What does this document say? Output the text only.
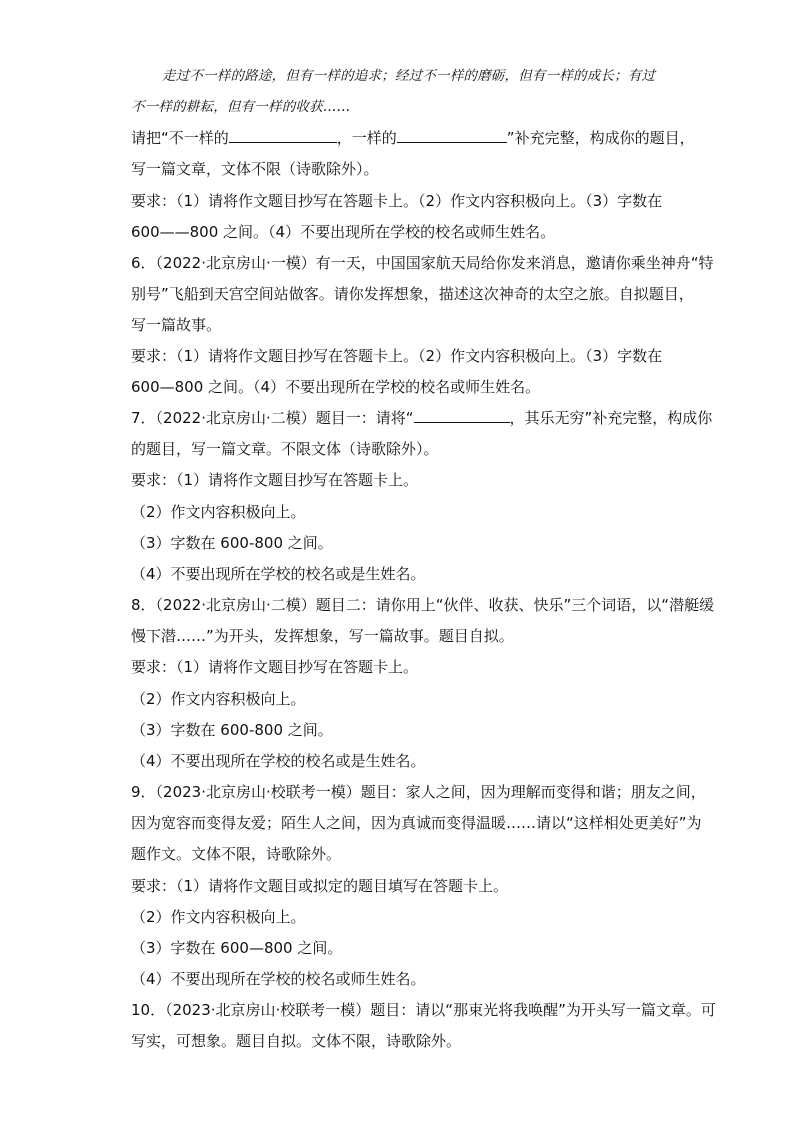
走过不一样的路途，但有一样的追求；经过不一样的磨砺，但有一样的成长；有过
不一样的耕耘，但有一样的收获……
请把“不一样的	，一样的	”补充完整，构成你的题目，
写一篇文章，文体不限（诗歌除外）。
要求：（1）请将作文题目抄写在答题卡上。（2）作文内容积极向上。（3）字数在
600——800 之间。（4）不要出现所在学校的校名或师生姓名。
6．（2022·北京房山·一模）有一天，中国国家航天局给你发来消息，邀请你乘坐神舟“特
别号”飞船到天宫空间站做客。请你发挥想象，描述这次神奇的太空之旅。自拟题目，
写一篇故事。
要求：（1）请将作文题目抄写在答题卡上。（2）作文内容积极向上。（3）字数在
600—800 之间。（4）不要出现所在学校的校名或师生姓名。
7．（2022·北京房山·二模）题目一：请将“	，其乐无穷”补充完整，构成你
的题目，写一篇文章。不限文体（诗歌除外）。
要求：（1）请将作文题目抄写在答题卡上。
（2）作文内容积极向上。
（3）字数在 600-800 之间。
（4）不要出现所在学校的校名或是生姓名。
8．（2022·北京房山·二模）题目二：请你用上“伙伴、收获、快乐”三个词语，以“潜艇缓
慢下潜……”为开头，发挥想象，写一篇故事。题目自拟。
要求：（1）请将作文题目抄写在答题卡上。
（2）作文内容积极向上。
（3）字数在 600-800 之间。
（4）不要出现所在学校的校名或是生姓名。
9．（2023·北京房山·校联考一模）题目：家人之间，因为理解而变得和谐；朋友之间，
因为宽容而变得友爱；陌生人之间，因为真诚而变得温暖……请以“这样相处更美好”为
题作文。文体不限，诗歌除外。
要求：（1）请将作文题目或拟定的题目填写在答题卡上。
（2）作文内容积极向上。
（3）字数在 600—800 之间。
（4）不要出现所在学校的校名或师生姓名。
10．（2023·北京房山·校联考一模）题目：请以“那束光将我唤醒”为开头写一篇文章。可
写实，可想象。题目自拟。文体不限，诗歌除外。
